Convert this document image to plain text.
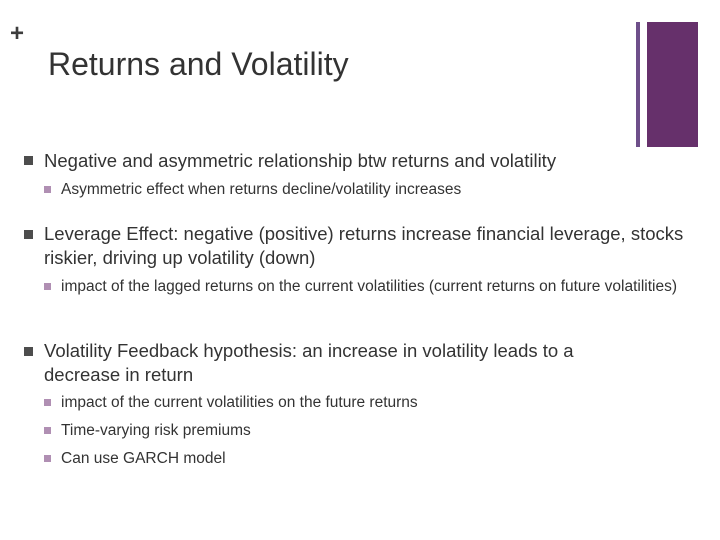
+
Returns and Volatility
Negative and asymmetric relationship btw returns and volatility
Asymmetric effect when returns decline/volatility increases
Leverage Effect: negative (positive) returns increase financial leverage, stocks riskier, driving up volatility (down)
impact of the lagged returns on the current volatilities (current returns on future volatilities)
Volatility Feedback hypothesis: an increase in volatility leads to a decrease in return
impact of the current volatilities on the future returns
Time-varying risk premiums
Can use GARCH model
